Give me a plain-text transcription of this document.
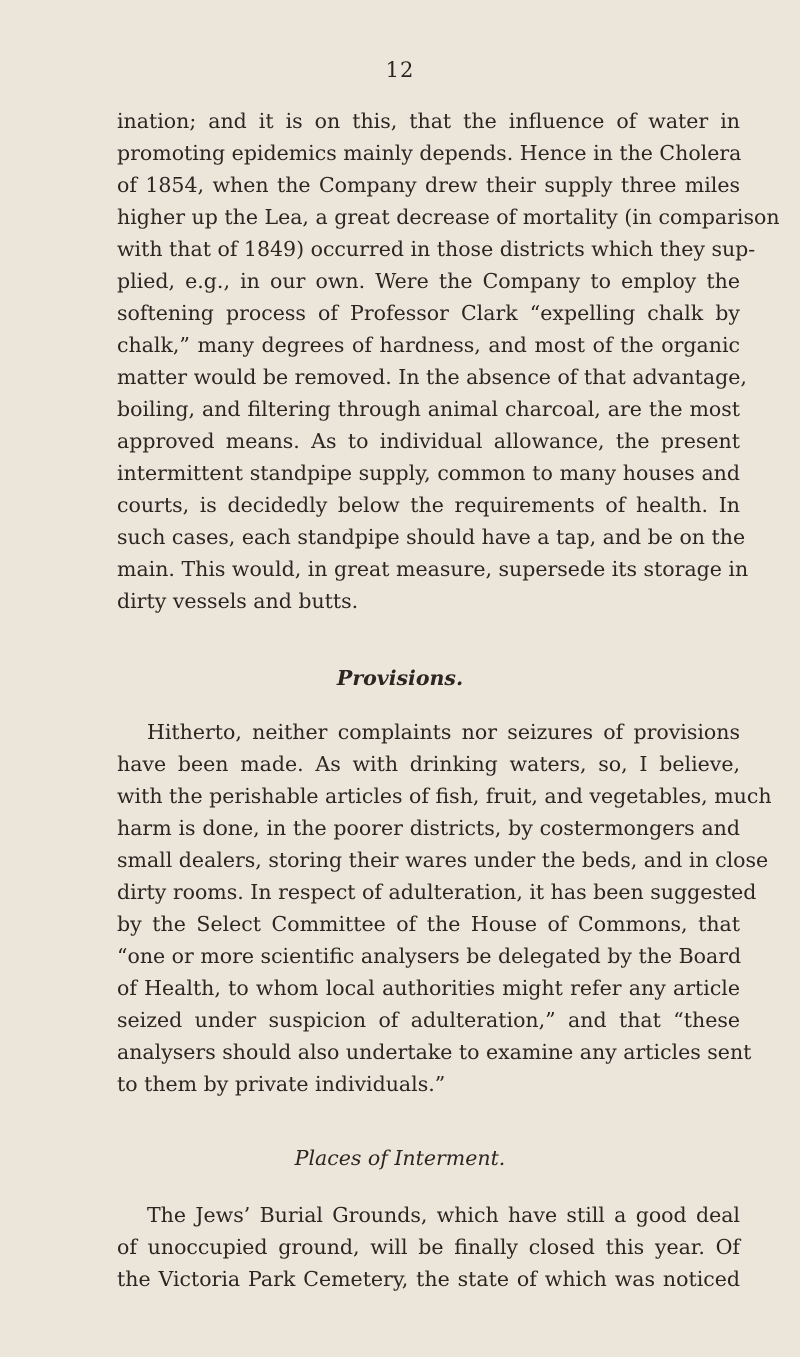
12
ination; and it is on this, that the influence of water in
promoting epidemics mainly depends. Hence in the Cholera
of 1854, when the Company drew their supply three miles
higher up the Lea, a great decrease of mortality (in comparison
with that of 1849) occurred in those districts which they sup-
plied, e.g., in our own. Were the Company to employ the
softening process of Professor Clark “expelling chalk by
chalk,” many degrees of hardness, and most of the organic
matter would be removed. In the absence of that advantage,
boiling, and filtering through animal charcoal, are the most
approved means. As to individual allowance, the present
intermittent standpipe supply, common to many houses and
courts, is decidedly below the requirements of health. In
such cases, each standpipe should have a tap, and be on the
main. This would, in great measure, supersede its storage in
dirty vessels and butts.
Provisions.
Hitherto, neither complaints nor seizures of provisions
have been made. As with drinking waters, so, I believe,
with the perishable articles of fish, fruit, and vegetables, much
harm is done, in the poorer districts, by costermongers and
small dealers, storing their wares under the beds, and in close
dirty rooms. In respect of adulteration, it has been suggested
by the Select Committee of the House of Commons, that
“one or more scientific analysers be delegated by the Board
of Health, to whom local authorities might refer any article
seized under suspicion of adulteration,” and that “these
analysers should also undertake to examine any articles sent
to them by private individuals.”
Places of Interment.
The Jews’ Burial Grounds, which have still a good deal
of unoccupied ground, will be finally closed this year. Of
the Victoria Park Cemetery, the state of which was noticed
